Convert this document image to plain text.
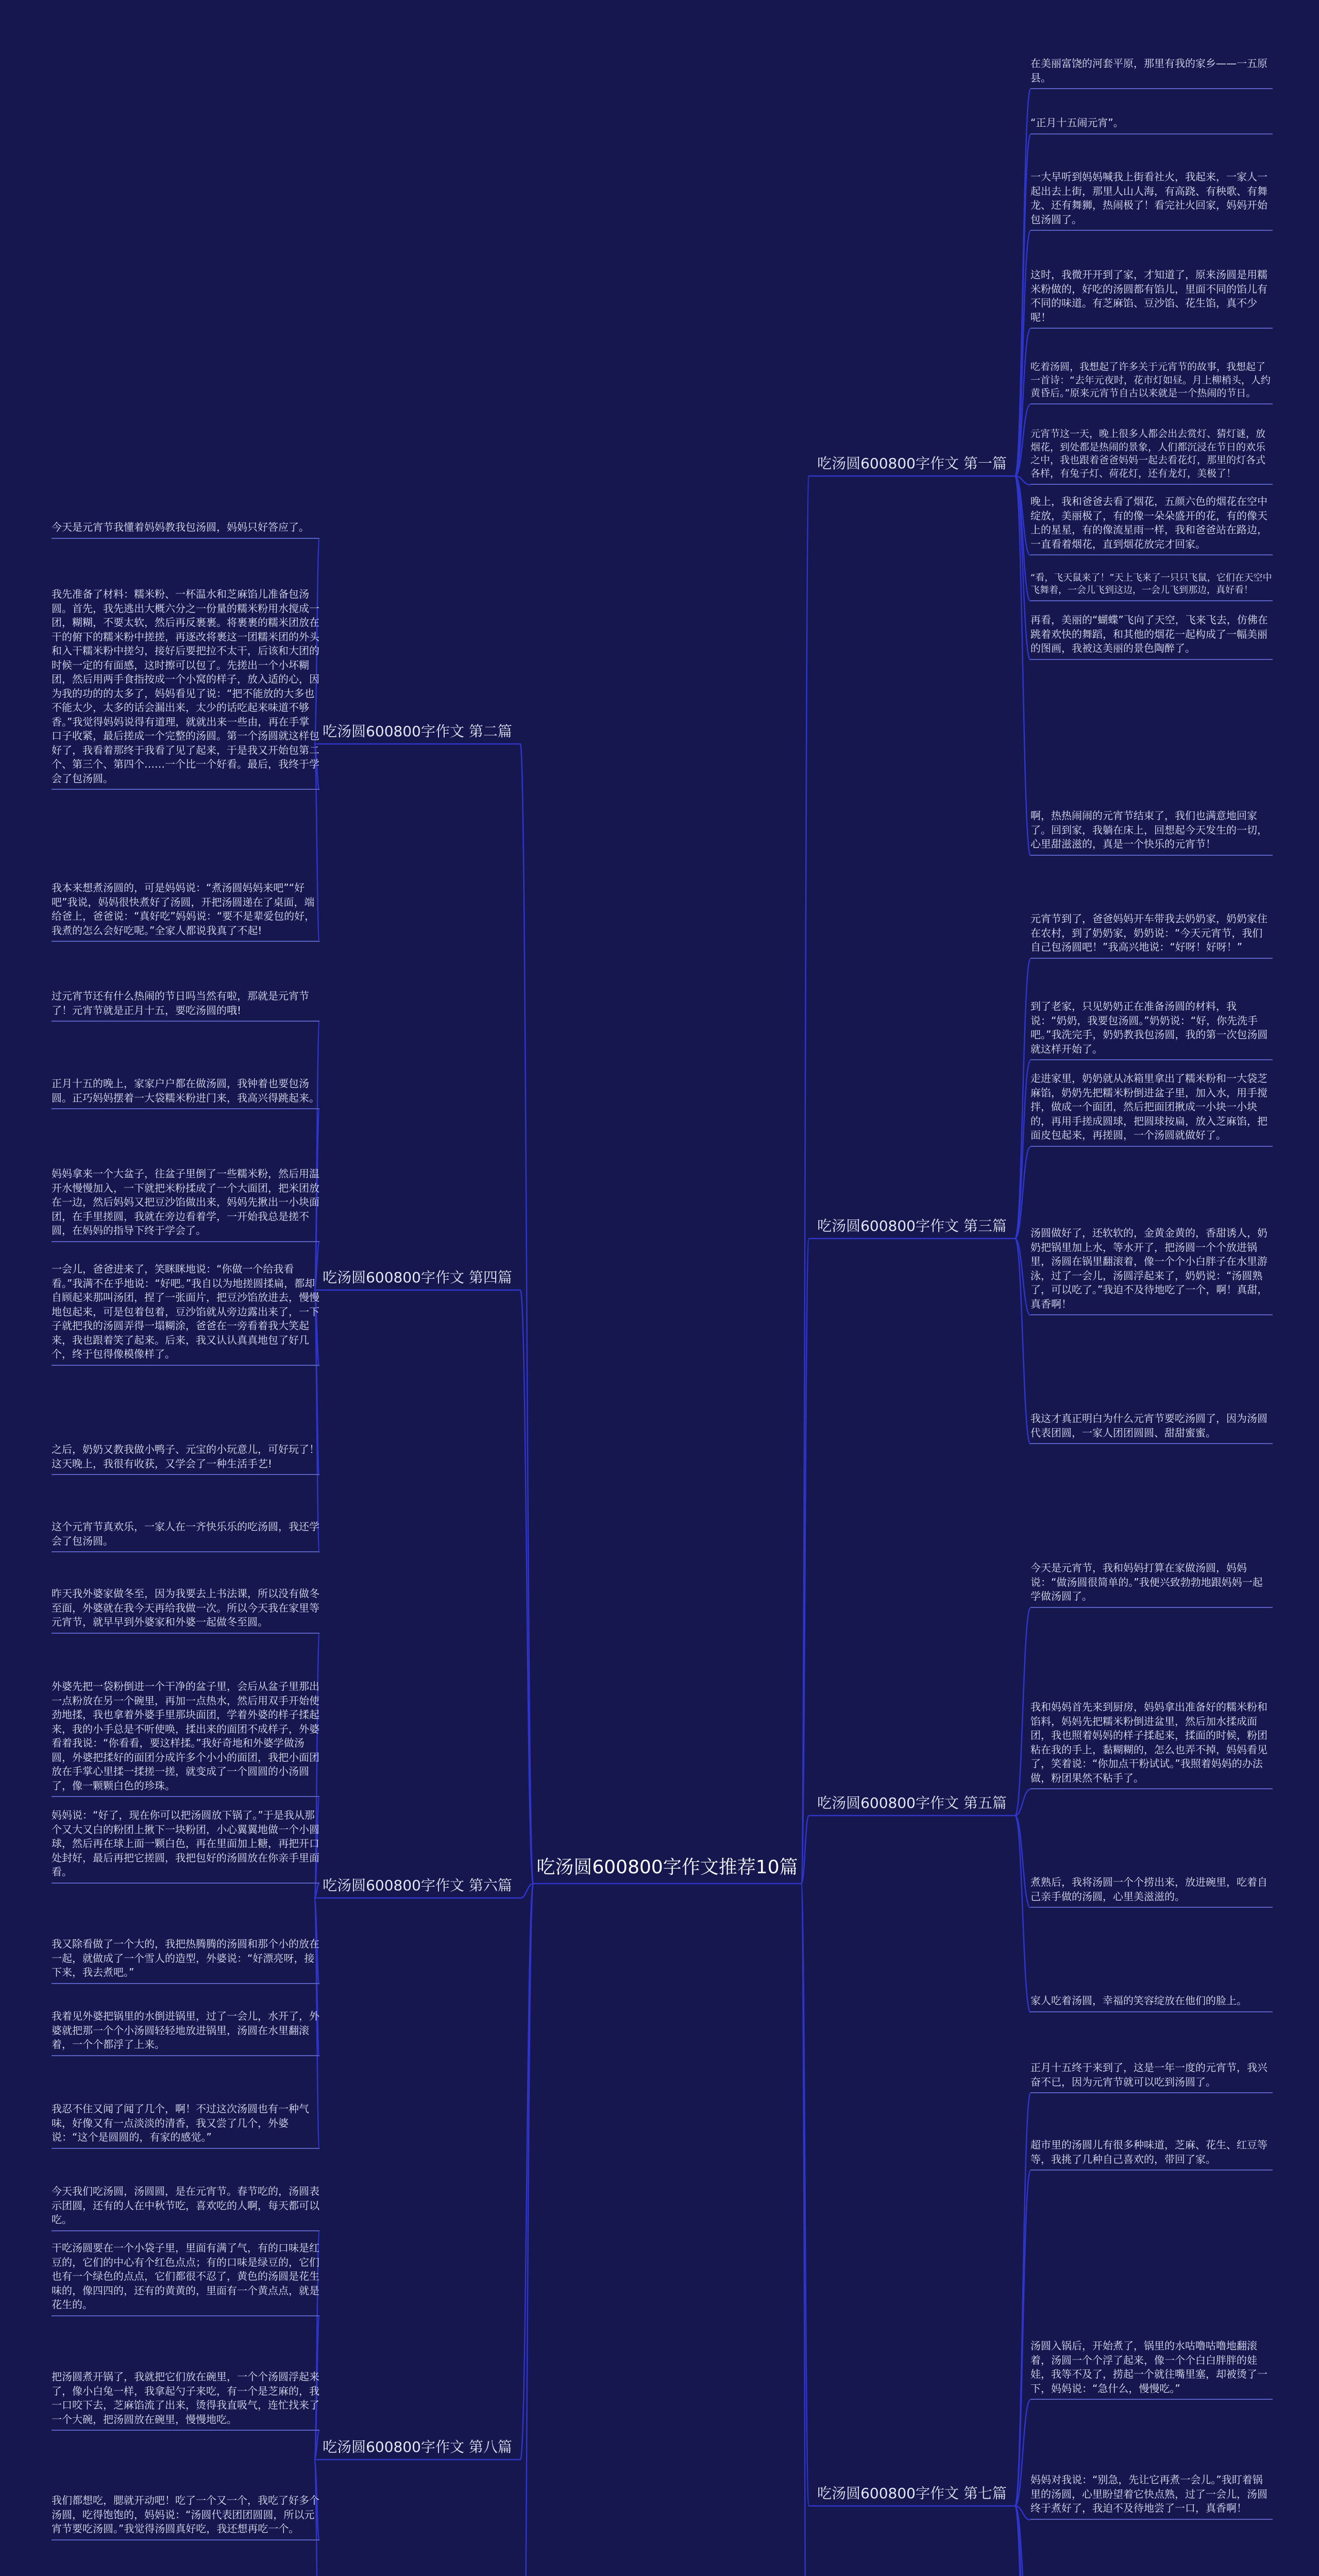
吃汤圆600800字作文推荐10篇
吃汤圆600800字作文 第二篇
今天是元宵节我懂着妈妈教我包汤圆，妈妈只好答应了。
我先准备了材料：糯米粉、一杯温水和芝麻馅儿准备包汤圆。首先，我先逃出大概六分之一份量的糯米粉用水搅成一团，糊糊，不要太软，然后再反裹裹。将裹裹的糯米团放在干的俯下的糯米粉中搓搓，再逐改将裹这一团糯米团的外头和入干糯米粉中搓匀，接好后要把拉不太干，后该和大团的时候一定的有面感，这时擦可以包了。先搓出一个小坏糊团，然后用两手食指按成一个小窝的样子，放入适的心，因为我的功的的太多了，妈妈看见了说：“把不能放的大多也不能太少，太多的话会漏出来，太少的话吃起来味道不够香。”我觉得妈妈说得有道理，就就出来一些由，再在手掌口子收紧，最后搓成一个完整的汤圆。第一个汤圆就这样包好了，我看着那终于我看了见了起来，于是我又开始包第二个、第三个、第四个……一个比一个好看。最后，我终于学会了包汤圆。
我本来想煮汤圆的，可是妈妈说：“煮汤圆妈妈来吧”“好吧”我说，妈妈很快煮好了汤圆，开把汤圆递在了桌面，端给爸上，爸爸说：“真好吃”妈妈说：“要不是辈爱包的好，我煮的怎么会好吃呢。”全家人都说我真了不起!
吃汤圆600800字作文 第四篇
过元宵节还有什么热闹的节日吗当然有啦，那就是元宵节了！元宵节就是正月十五，要吃汤圆的哦!
正月十五的晚上，家家户户都在做汤圆，我钟着也要包汤圆。正巧妈妈摆着一大袋糯米粉进门来，我高兴得跳起来。
妈妈拿来一个大盆子，往盆子里倒了一些糯米粉，然后用温开水慢慢加入，一下就把米粉揉成了一个大面团，把米团放在一边，然后妈妈又把豆沙馅做出来，妈妈先揪出一小块面团，在手里搓圆，我就在旁边看着学，一开始我总是搓不圆，在妈妈的指导下终于学会了。
一会儿，爸爸进来了，笑眯眯地说：“你做一个给我看看。”我满不在乎地说：“好吧。”我自以为地搓圆揉扁，都却自顾起来那叫汤团，捏了一张面片，把豆沙馅放进去，慢慢地包起来，可是包着包着，豆沙馅就从旁边露出来了，一下子就把我的汤圆弄得一塌糊涂，爸爸在一旁看着我大笑起来，我也跟着笑了起来。后来，我又认认真真地包了好几个，终于包得像模像样了。
之后，奶奶又教我做小鸭子、元宝的小玩意儿，可好玩了！这天晚上，我很有收获，又学会了一种生活手艺!
这个元宵节真欢乐，一家人在一齐快乐乐的吃汤圆，我还学会了包汤圆。
吃汤圆600800字作文 第六篇
昨天我外婆家做冬至，因为我要去上书法课，所以没有做冬至面，外婆就在我今天再给我做一次。所以今天我在家里等元宵节，就早早到外婆家和外婆一起做冬至圆。
外婆先把一袋粉倒进一个干净的盆子里，会后从盆子里那出一点粉放在另一个碗里，再加一点热水，然后用双手开始使劲地揉，我也拿着外婆手里那块面团，学着外婆的样子揉起来，我的小手总是不听使唤，揉出来的面团不成样子，外婆看着我说：“你看看，要这样揉。”我好奇地和外婆学做汤圆，外婆把揉好的面团分成许多个小小的面团，我把小面团放在手掌心里揉一揉搓一搓，就变成了一个圆圆的小汤圆了，像一颗颗白色的珍珠。
妈妈说：“好了，现在你可以把汤圆放下锅了。”于是我从那个又大又白的粉团上揪下一块粉团，小心翼翼地做一个小圆球，然后再在球上面一颗白色，再在里面加上糖，再把开口处封好，最后再把它搓圆，我把包好的汤圆放在你亲手里面看。
我又除看做了一个大的，我把热腾腾的汤圆和那个小的放在一起，就做成了一个雪人的造型，外婆说：“好漂亮呀，接下来，我去煮吧。”
我着见外婆把锅里的水倒进锅里，过了一会儿，水开了，外婆就把那一个个小汤圆轻轻地放进锅里，汤圆在水里翻滚着，一个个都浮了上来。
我忍不住又闻了闻了几个，啊！不过这次汤圆也有一种气味，好像又有一点淡淡的清香，我又尝了几个，外婆说：“这个是圆圆的，有家的感觉。”
吃汤圆600800字作文 第八篇
今天我们吃汤圆，汤圆圆，是在元宵节。春节吃的，汤圆表示团圆，还有的人在中秋节吃，喜欢吃的人啊，每天都可以吃。
干吃汤圆要在一个小袋子里，里面有满了气，有的口味是红豆的，它们的中心有个红色点点；有的口味是绿豆的，它们也有一个绿色的点点，它们都很不忍了，黄色的汤圆是花生味的，像四四的，还有的黄黄的，里面有一个黄点点，就是花生的。
把汤圆煮开锅了，我就把它们放在碗里，一个个汤圆浮起来了，像小白兔一样，我拿起勺子来吃，有一个是芝麻的，我一口咬下去，芝麻馅流了出来，烫得我直吸气，连忙找来了一个大碗，把汤圆放在碗里，慢慢地吃。
我们都想吃，腮就开动吧！吃了一个又一个，我吃了好多个汤圆，吃得饱饱的，妈妈说：“汤圆代表团团圆圆，所以元宵节要吃汤圆。”我觉得汤圆真好吃，我还想再吃一个。
吃汤圆600800字作文 第一篇
在美丽富饶的河套平原，那里有我的家乡——一五原县。
“正月十五闹元宵”。
一大早听到妈妈喊我上街看社火，我起来，一家人一起出去上街，那里人山人海，有高跷、有秧歌、有舞龙、还有舞狮，热闹极了！看完社火回家，妈妈开始包汤圆了。
这时，我微开开到了家，才知道了，原来汤圆是用糯米粉做的，好吃的汤圆都有馅儿，里面不同的馅儿有不同的味道。有芝麻馅、豆沙馅、花生馅，真不少呢！
吃着汤圆，我想起了许多关于元宵节的故事，我想起了一首诗：“去年元夜时，花市灯如昼。月上柳梢头，人约黄昏后。”原来元宵节自古以来就是一个热闹的节日。
元宵节这一天，晚上很多人都会出去赏灯、猜灯谜，放烟花，到处都是热闹的景象，人们都沉浸在节日的欢乐之中，我也跟着爸爸妈妈一起去看花灯，那里的灯各式各样，有兔子灯、荷花灯，还有龙灯，美极了！
晚上，我和爸爸去看了烟花，五颜六色的烟花在空中绽放，美丽极了，有的像一朵朵盛开的花，有的像天上的星星，有的像流星雨一样，我和爸爸站在路边，一直看着烟花，直到烟花放完才回家。
“看，飞天鼠来了！”天上飞来了一只只飞鼠，它们在天空中飞舞着，一会儿飞到这边，一会儿飞到那边，真好看！
再看，美丽的“蝴蝶”飞向了天空，飞来飞去，仿佛在跳着欢快的舞蹈，和其他的烟花一起构成了一幅美丽的图画，我被这美丽的景色陶醉了。
啊，热热闹闹的元宵节结束了，我们也满意地回家了。回到家，我躺在床上，回想起今天发生的一切，心里甜滋滋的，真是一个快乐的元宵节！
吃汤圆600800字作文 第三篇
元宵节到了，爸爸妈妈开车带我去奶奶家，奶奶家住在农村，到了奶奶家，奶奶说：“今天元宵节，我们自己包汤圆吧！”我高兴地说：“好呀！好呀！”
到了老家，只见奶奶正在准备汤圆的材料，我说：“奶奶，我要包汤圆。”奶奶说：“好，你先洗手吧。”我洗完手，奶奶教我包汤圆，我的第一次包汤圆就这样开始了。
走进家里，奶奶就从冰箱里拿出了糯米粉和一大袋芝麻馅，奶奶先把糯米粉倒进盆子里，加入水，用手搅拌，做成一个面团，然后把面团揪成一小块一小块的，再用手搓成圆球，把圆球按扁，放入芝麻馅，把面皮包起来，再搓圆，一个汤圆就做好了。
汤圆做好了，还软软的，金黄金黄的，香甜诱人，奶奶把锅里加上水，等水开了，把汤圆一个个放进锅里，汤圆在锅里翻滚着，像一个个小白胖子在水里游泳，过了一会儿，汤圆浮起来了，奶奶说：“汤圆熟了，可以吃了。”我迫不及待地吃了一个，啊！真甜，真香啊！
我这才真正明白为什么元宵节要吃汤圆了，因为汤圆代表团圆，一家人团团圆圆、甜甜蜜蜜。
吃汤圆600800字作文 第五篇
今天是元宵节，我和妈妈打算在家做汤圆，妈妈说：“做汤圆很简单的。”我便兴致勃勃地跟妈妈一起学做汤圆了。
我和妈妈首先来到厨房，妈妈拿出准备好的糯米粉和馅料，妈妈先把糯米粉倒进盆里，然后加水揉成面团，我也照着妈妈的样子揉起来，揉面的时候，粉团粘在我的手上，黏糊糊的，怎么也弄不掉，妈妈看见了，笑着说：“你加点干粉试试。”我照着妈妈的办法做，粉团果然不粘手了。
煮熟后，我将汤圆一个个捞出来，放进碗里，吃着自己亲手做的汤圆，心里美滋滋的。
家人吃着汤圆，幸福的笑容绽放在他们的脸上。
吃汤圆600800字作文 第七篇
正月十五终于来到了，这是一年一度的元宵节，我兴奋不已，因为元宵节就可以吃到汤圆了。
超市里的汤圆儿有很多种味道，芝麻、花生、红豆等等，我挑了几种自己喜欢的，带回了家。
汤圆入锅后，开始煮了，锅里的水咕噜咕噜地翻滚着，汤圆一个个浮了起来，像一个个白白胖胖的娃娃，我等不及了，捞起一个就往嘴里塞，却被烫了一下，妈妈说：“急什么，慢慢吃。”
妈妈对我说：“别急，先让它再煮一会儿。”我盯着锅里的汤圆，心里盼望着它快点熟，过了一会儿，汤圆终于煮好了，我迫不及待地尝了一口，真香啊！
